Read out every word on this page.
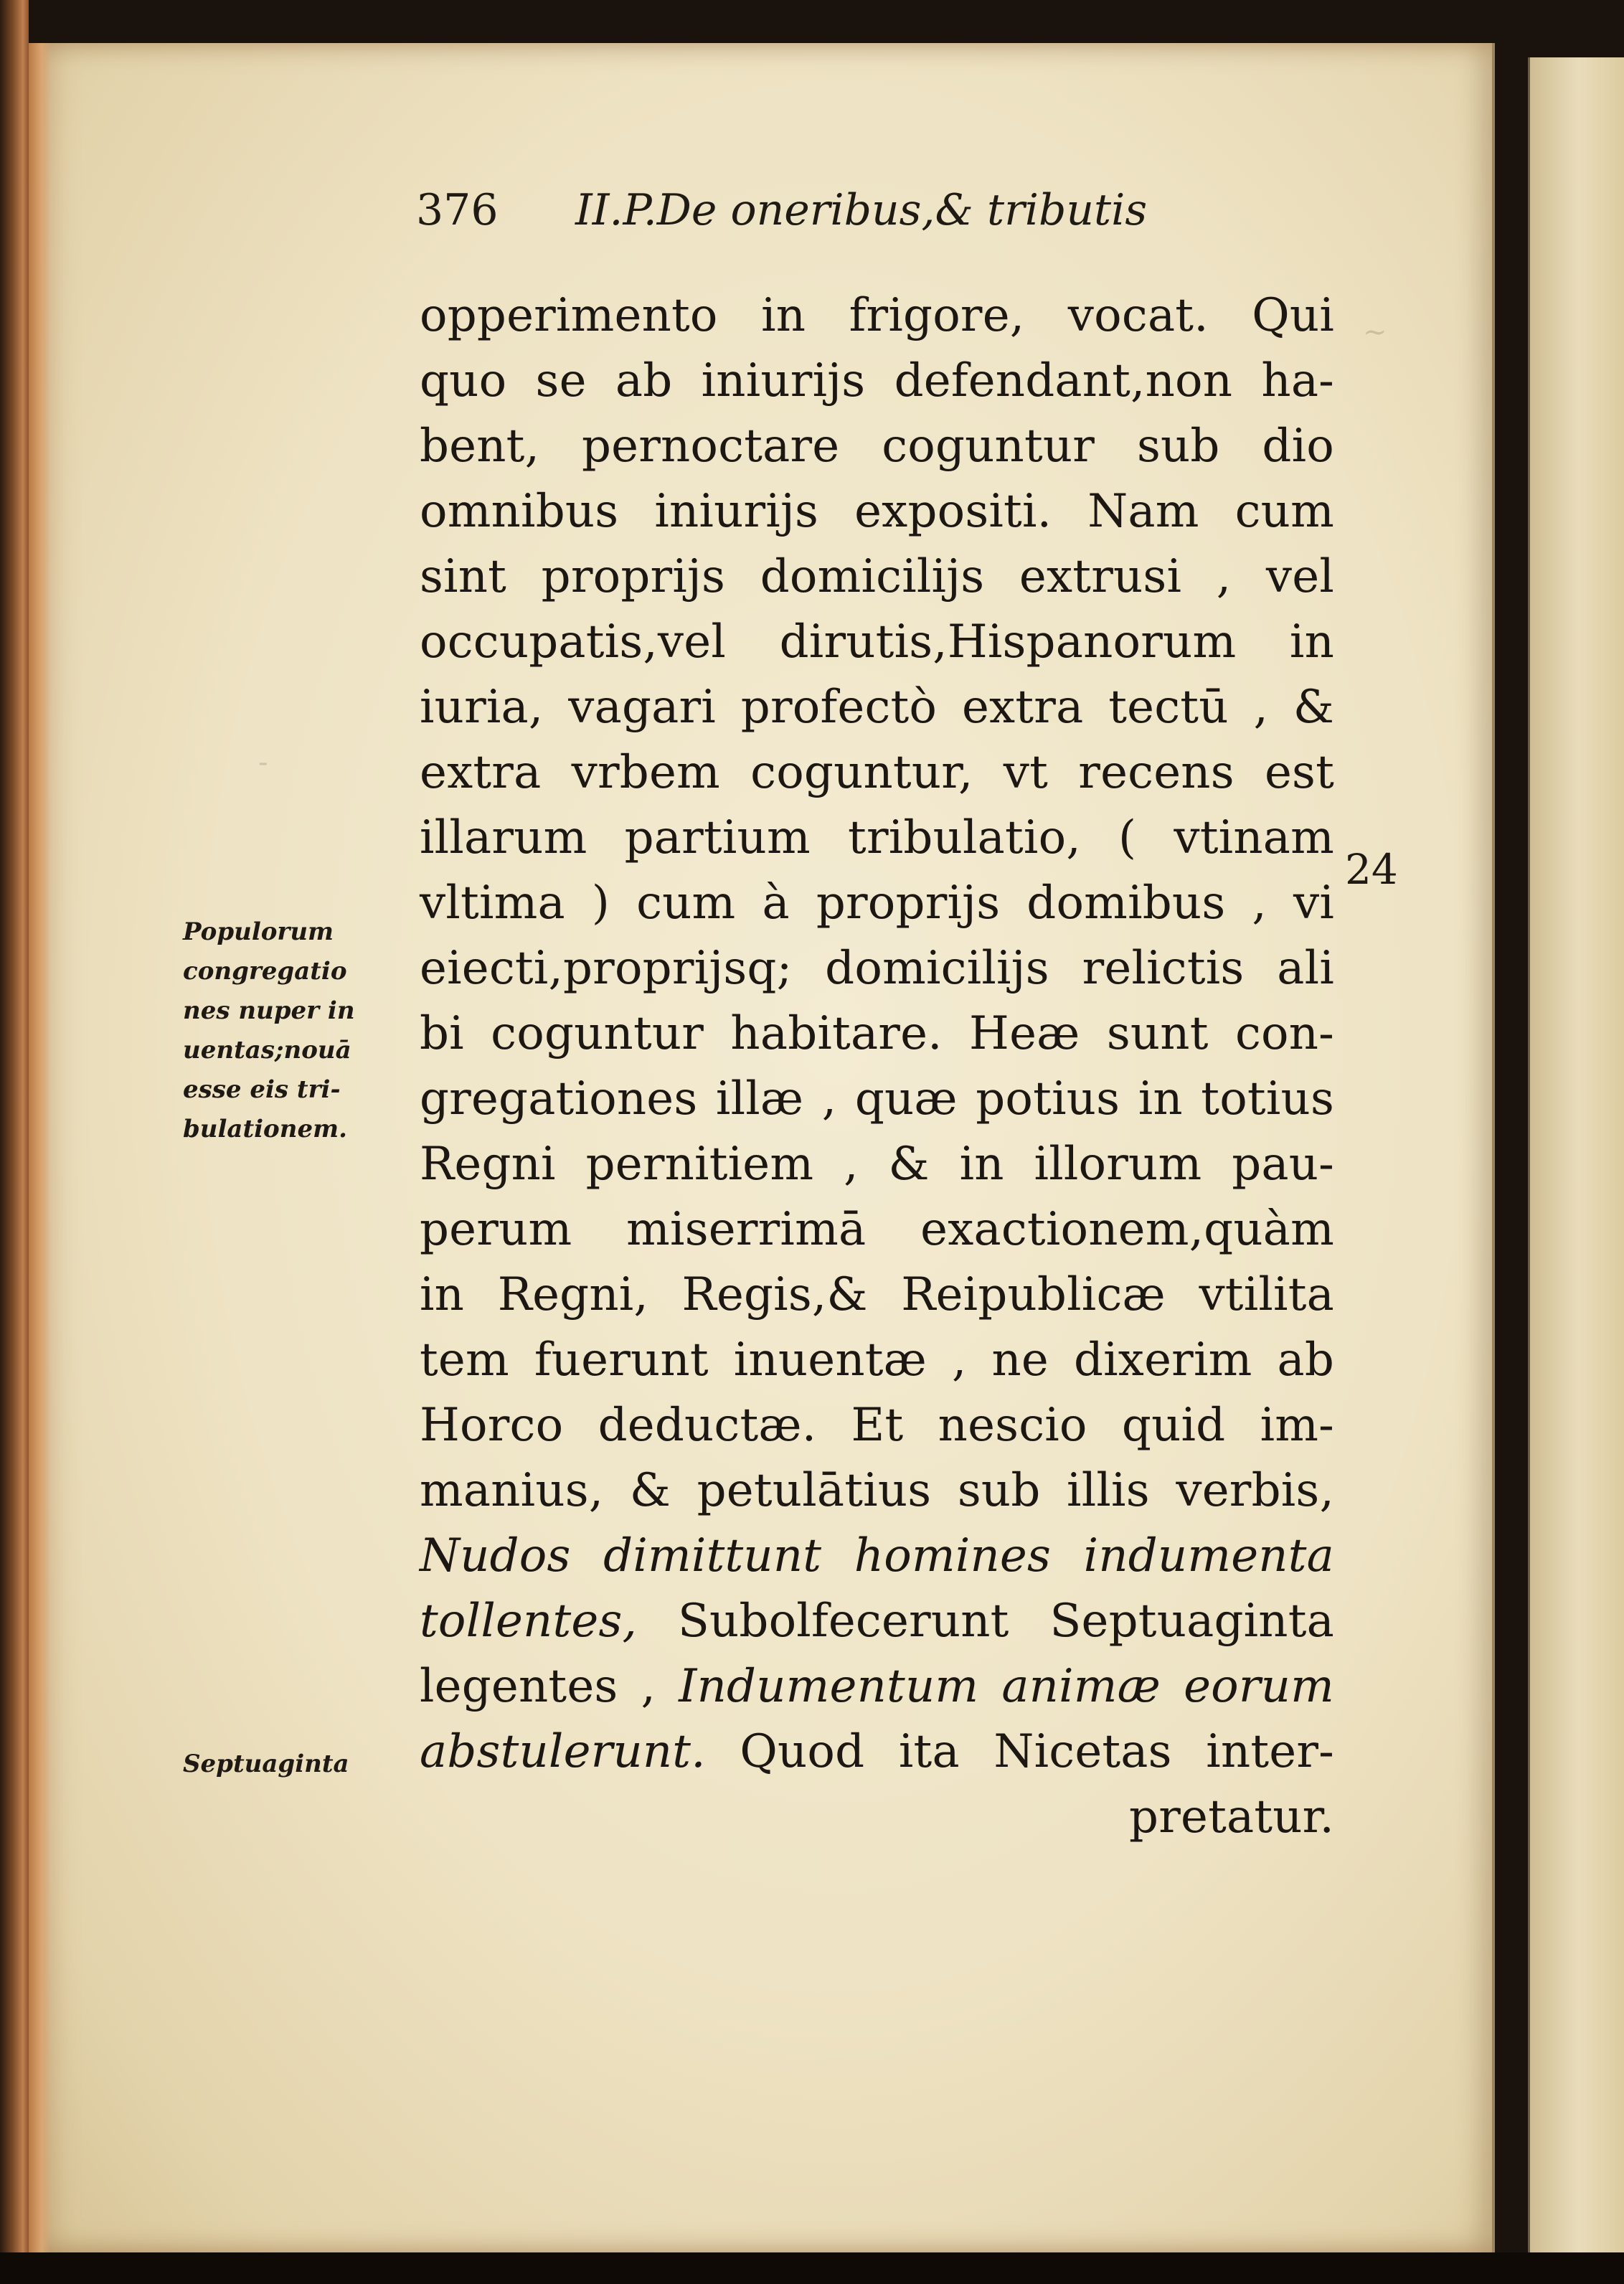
-
~
376 II.P.De oneribus,& tributis
opperimento in frigore, vocat. Qui
quo se ab iniurijs defendant,non ha-
bent, pernoctare coguntur sub dio
omnibus iniurijs expositi. Nam cum
sint proprijs domicilijs extrusi , vel
occupatis,vel dirutis,Hispanorum in
iuria, vagari profectò extra tectū , &
extra vrbem coguntur, vt recens est
illarum partium tribulatio, ( vtinam
vltima ) cum à proprijs domibus , vi
eiecti,proprijsq; domicilijs relictis ali
bi coguntur habitare. Heæ sunt con-
gregationes illæ , quæ potius in totius
Regni pernitiem , & in illorum pau-
perum miserrimā exactionem,quàm
in Regni, Regis,& Reipublicæ vtilita
tem fuerunt inuentæ , ne dixerim ab
Horco deductæ. Et nescio quid im-
manius, & petulātius sub illis verbis,
Nudos dimittunt homines indumenta
tollentes, Subolfecerunt Septuaginta
legentes , Indumentum animæ eorum
abstulerunt. Quod ita Nicetas inter-
pretatur.
Populorum
congregatio
nes nuper in
uentas;nouā
esse eis tri-
bulationem.
Septuaginta
24
